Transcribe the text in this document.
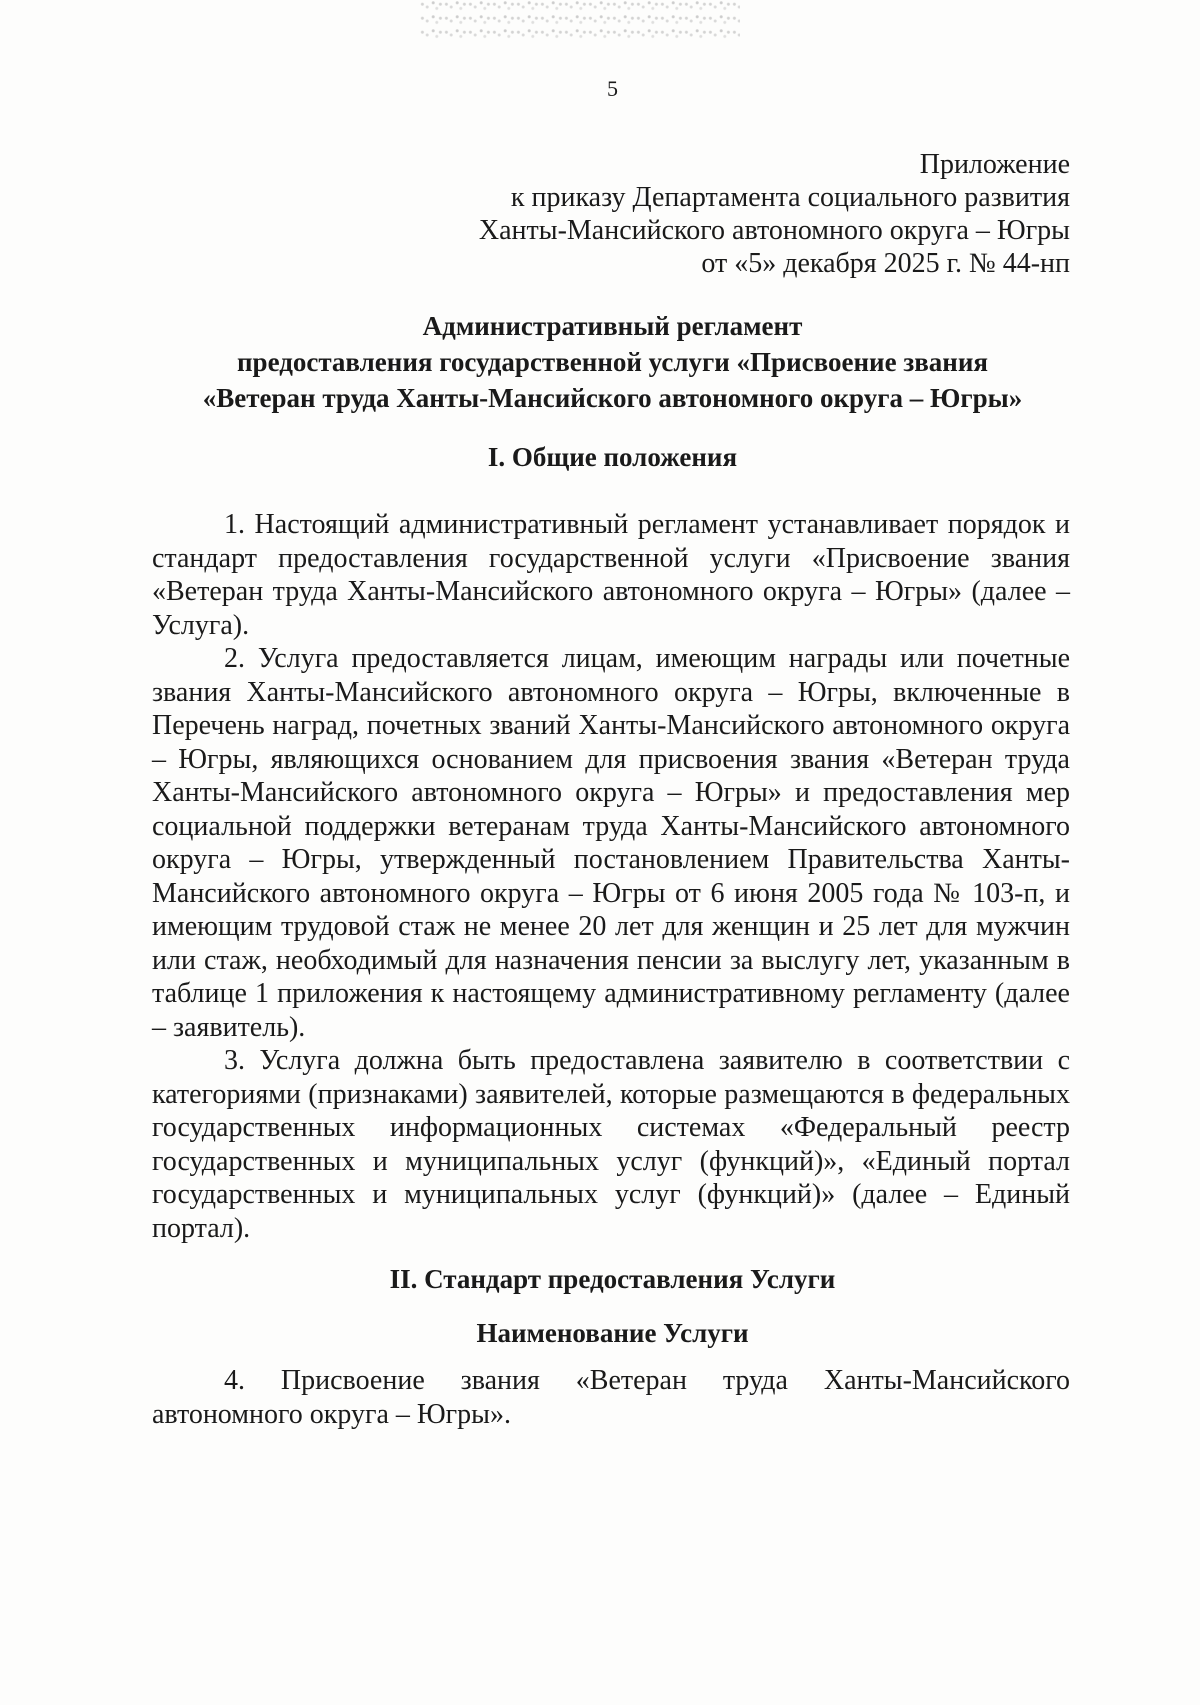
5
Приложение
к приказу Департамента социального развития
Ханты-Мансийского автономного округа – Югры
от «5» декабря 2025 г. № 44-нп
Административный регламент
предоставления государственной услуги «Присвоение звания
«Ветеран труда Ханты-Мансийского автономного округа – Югры»
I. Общие положения

1. Настоящий административный регламент устанавливает порядок и стандарт предоставления государственной услуги «Присвоение звания «Ветеран труда Ханты-Мансийского автономного округа – Югры» (далее – Услуга).

2. Услуга предоставляется лицам, имеющим награды или почетные звания Ханты-Мансийского автономного округа – Югры, включенные в Перечень наград, почетных званий Ханты-Мансийского автономного округа – Югры, являющихся основанием для присвоения звания «Ветеран труда Ханты-Мансийского автономного округа – Югры» и предоставления мер социальной поддержки ветеранам труда Ханты-Мансийского автономного округа – Югры, утвержденный постановлением Правительства Ханты-Мансийского автономного округа – Югры от 6 июня 2005 года № 103-п, и имеющим трудовой стаж не менее 20 лет для женщин и 25 лет для мужчин или стаж, необходимый для назначения пенсии за выслугу лет, указанным в таблице 1 приложения к настоящему административному регламенту (далее – заявитель).

3. Услуга должна быть предоставлена заявителю в соответствии с категориями (признаками) заявителей, которые размещаются в федеральных государственных информационных системах «Федеральный реестр государственных и муниципальных услуг (функций)», «Единый портал государственных и муниципальных услуг (функций)» (далее – Единый портал).

II. Стандарт предоставления Услуги
Наименование Услуги

4. Присвоение звания «Ветеран труда Ханты-Мансийского автономного округа – Югры».
